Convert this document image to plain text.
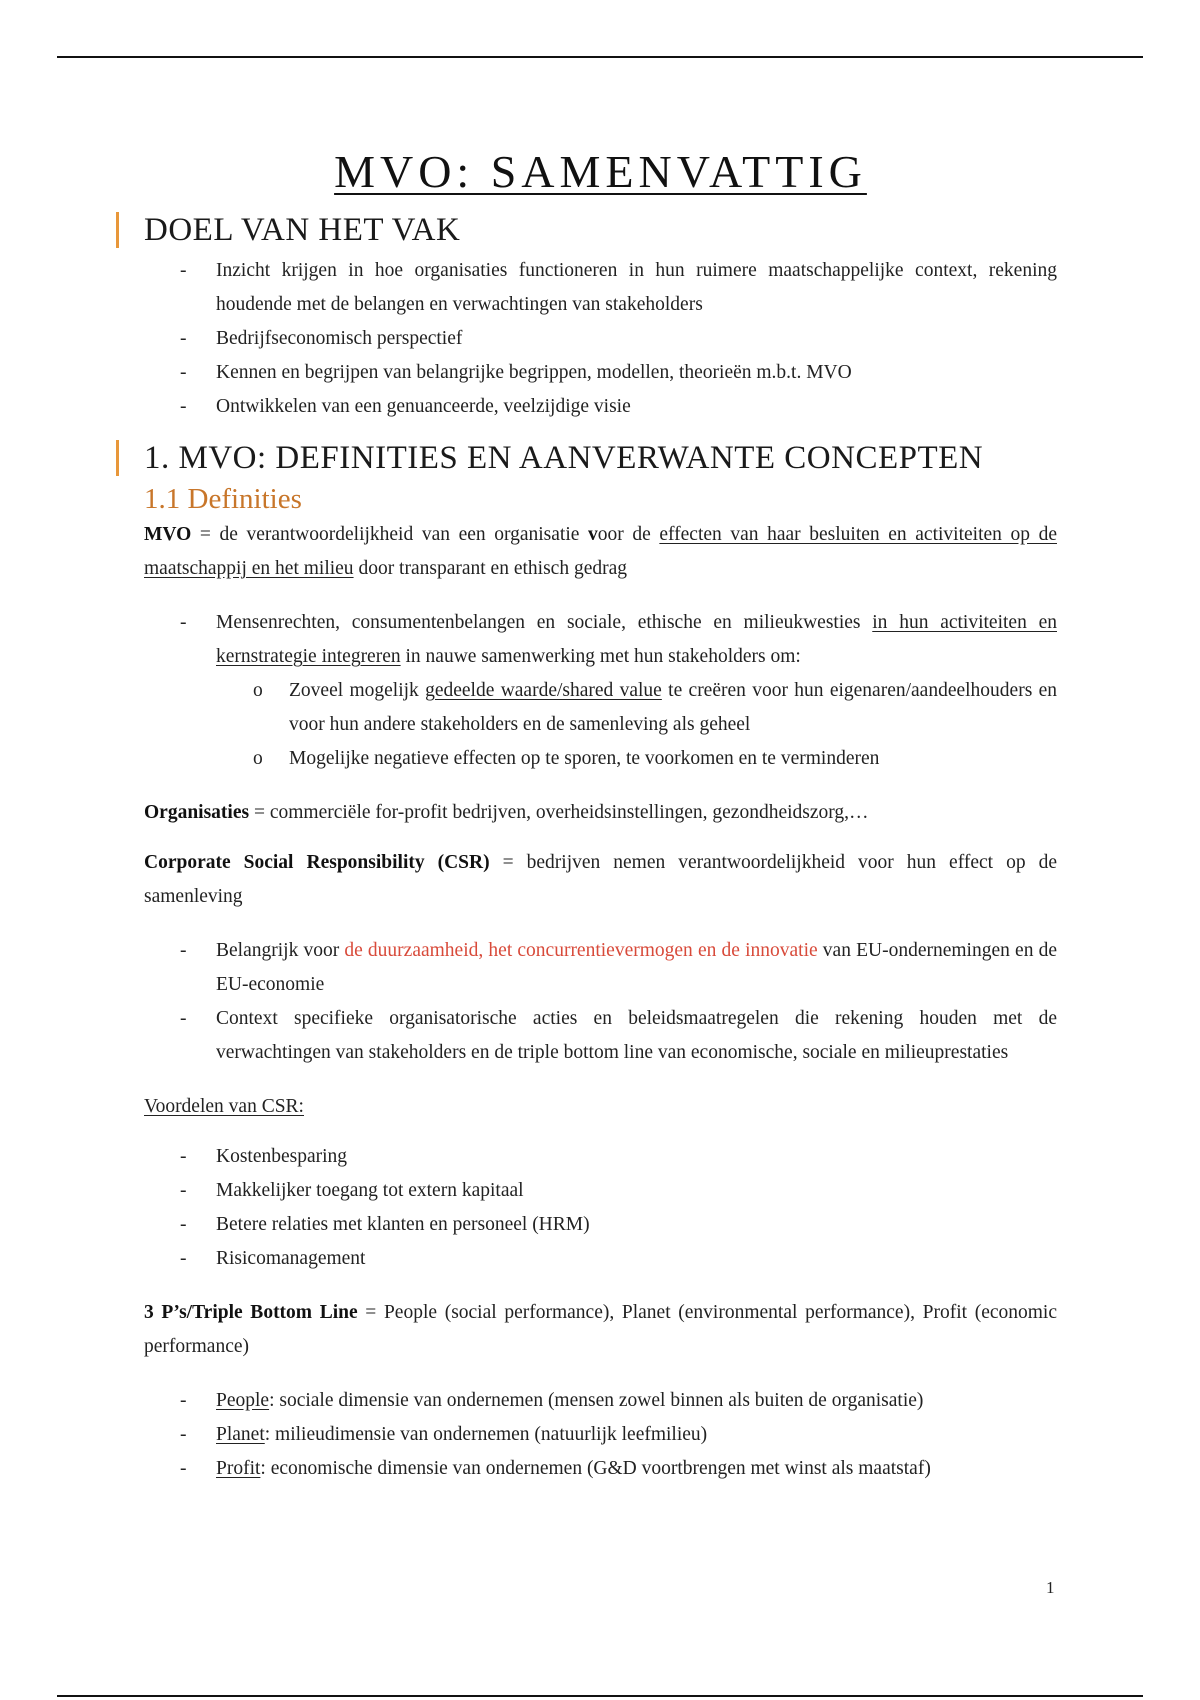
MVO: SAMENVATTIG
DOEL VAN HET VAK
- Inzicht krijgen in hoe organisaties functioneren in hun ruimere maatschappelijke context, rekening houdende met de belangen en verwachtingen van stakeholders
- Bedrijfseconomisch perspectief
- Kennen en begrijpen van belangrijke begrippen, modellen, theorieën m.b.t. MVO
- Ontwikkelen van een genuanceerde, veelzijdige visie
1. MVO: DEFINITIES EN AANVERWANTE CONCEPTEN
1.1 Definities

MVO = de verantwoordelijkheid van een organisatie voor de effecten van haar besluiten en activiteiten op de maatschappij en het milieu door transparant en ethisch gedrag

- Mensenrechten, consumentenbelangen en sociale, ethische en milieukwesties in hun activiteiten en kernstrategie integreren in nauwe samenwerking met hun stakeholders om:
o Zoveel mogelijk gedeelde waarde/shared value te creëren voor hun eigenaren/aandeelhouders en voor hun andere stakeholders en de samenleving als geheel
o Mogelijke negatieve effecten op te sporen, te voorkomen en te verminderen

Organisaties = commerciële for-profit bedrijven, overheidsinstellingen, gezondheidszorg,…

Corporate Social Responsibility (CSR) = bedrijven nemen verantwoordelijkheid voor hun effect op de samenleving

- Belangrijk voor de duurzaamheid, het concurrentievermogen en de innovatie van EU-ondernemingen en de EU-economie
- Context specifieke organisatorische acties en beleidsmaatregelen die rekening houden met de verwachtingen van stakeholders en de triple bottom line van economische, sociale en milieuprestaties

Voordelen van CSR:

- Kostenbesparing
- Makkelijker toegang tot extern kapitaal
- Betere relaties met klanten en personeel (HRM)
- Risicomanagement

3 P’s/Triple Bottom Line = People (social performance), Planet (environmental performance), Profit (economic performance)

- People: sociale dimensie van ondernemen (mensen zowel binnen als buiten de organisatie)
- Planet: milieudimensie van ondernemen (natuurlijk leefmilieu)
- Profit: economische dimensie van ondernemen (G&D voortbrengen met winst als maatstaf)
1
